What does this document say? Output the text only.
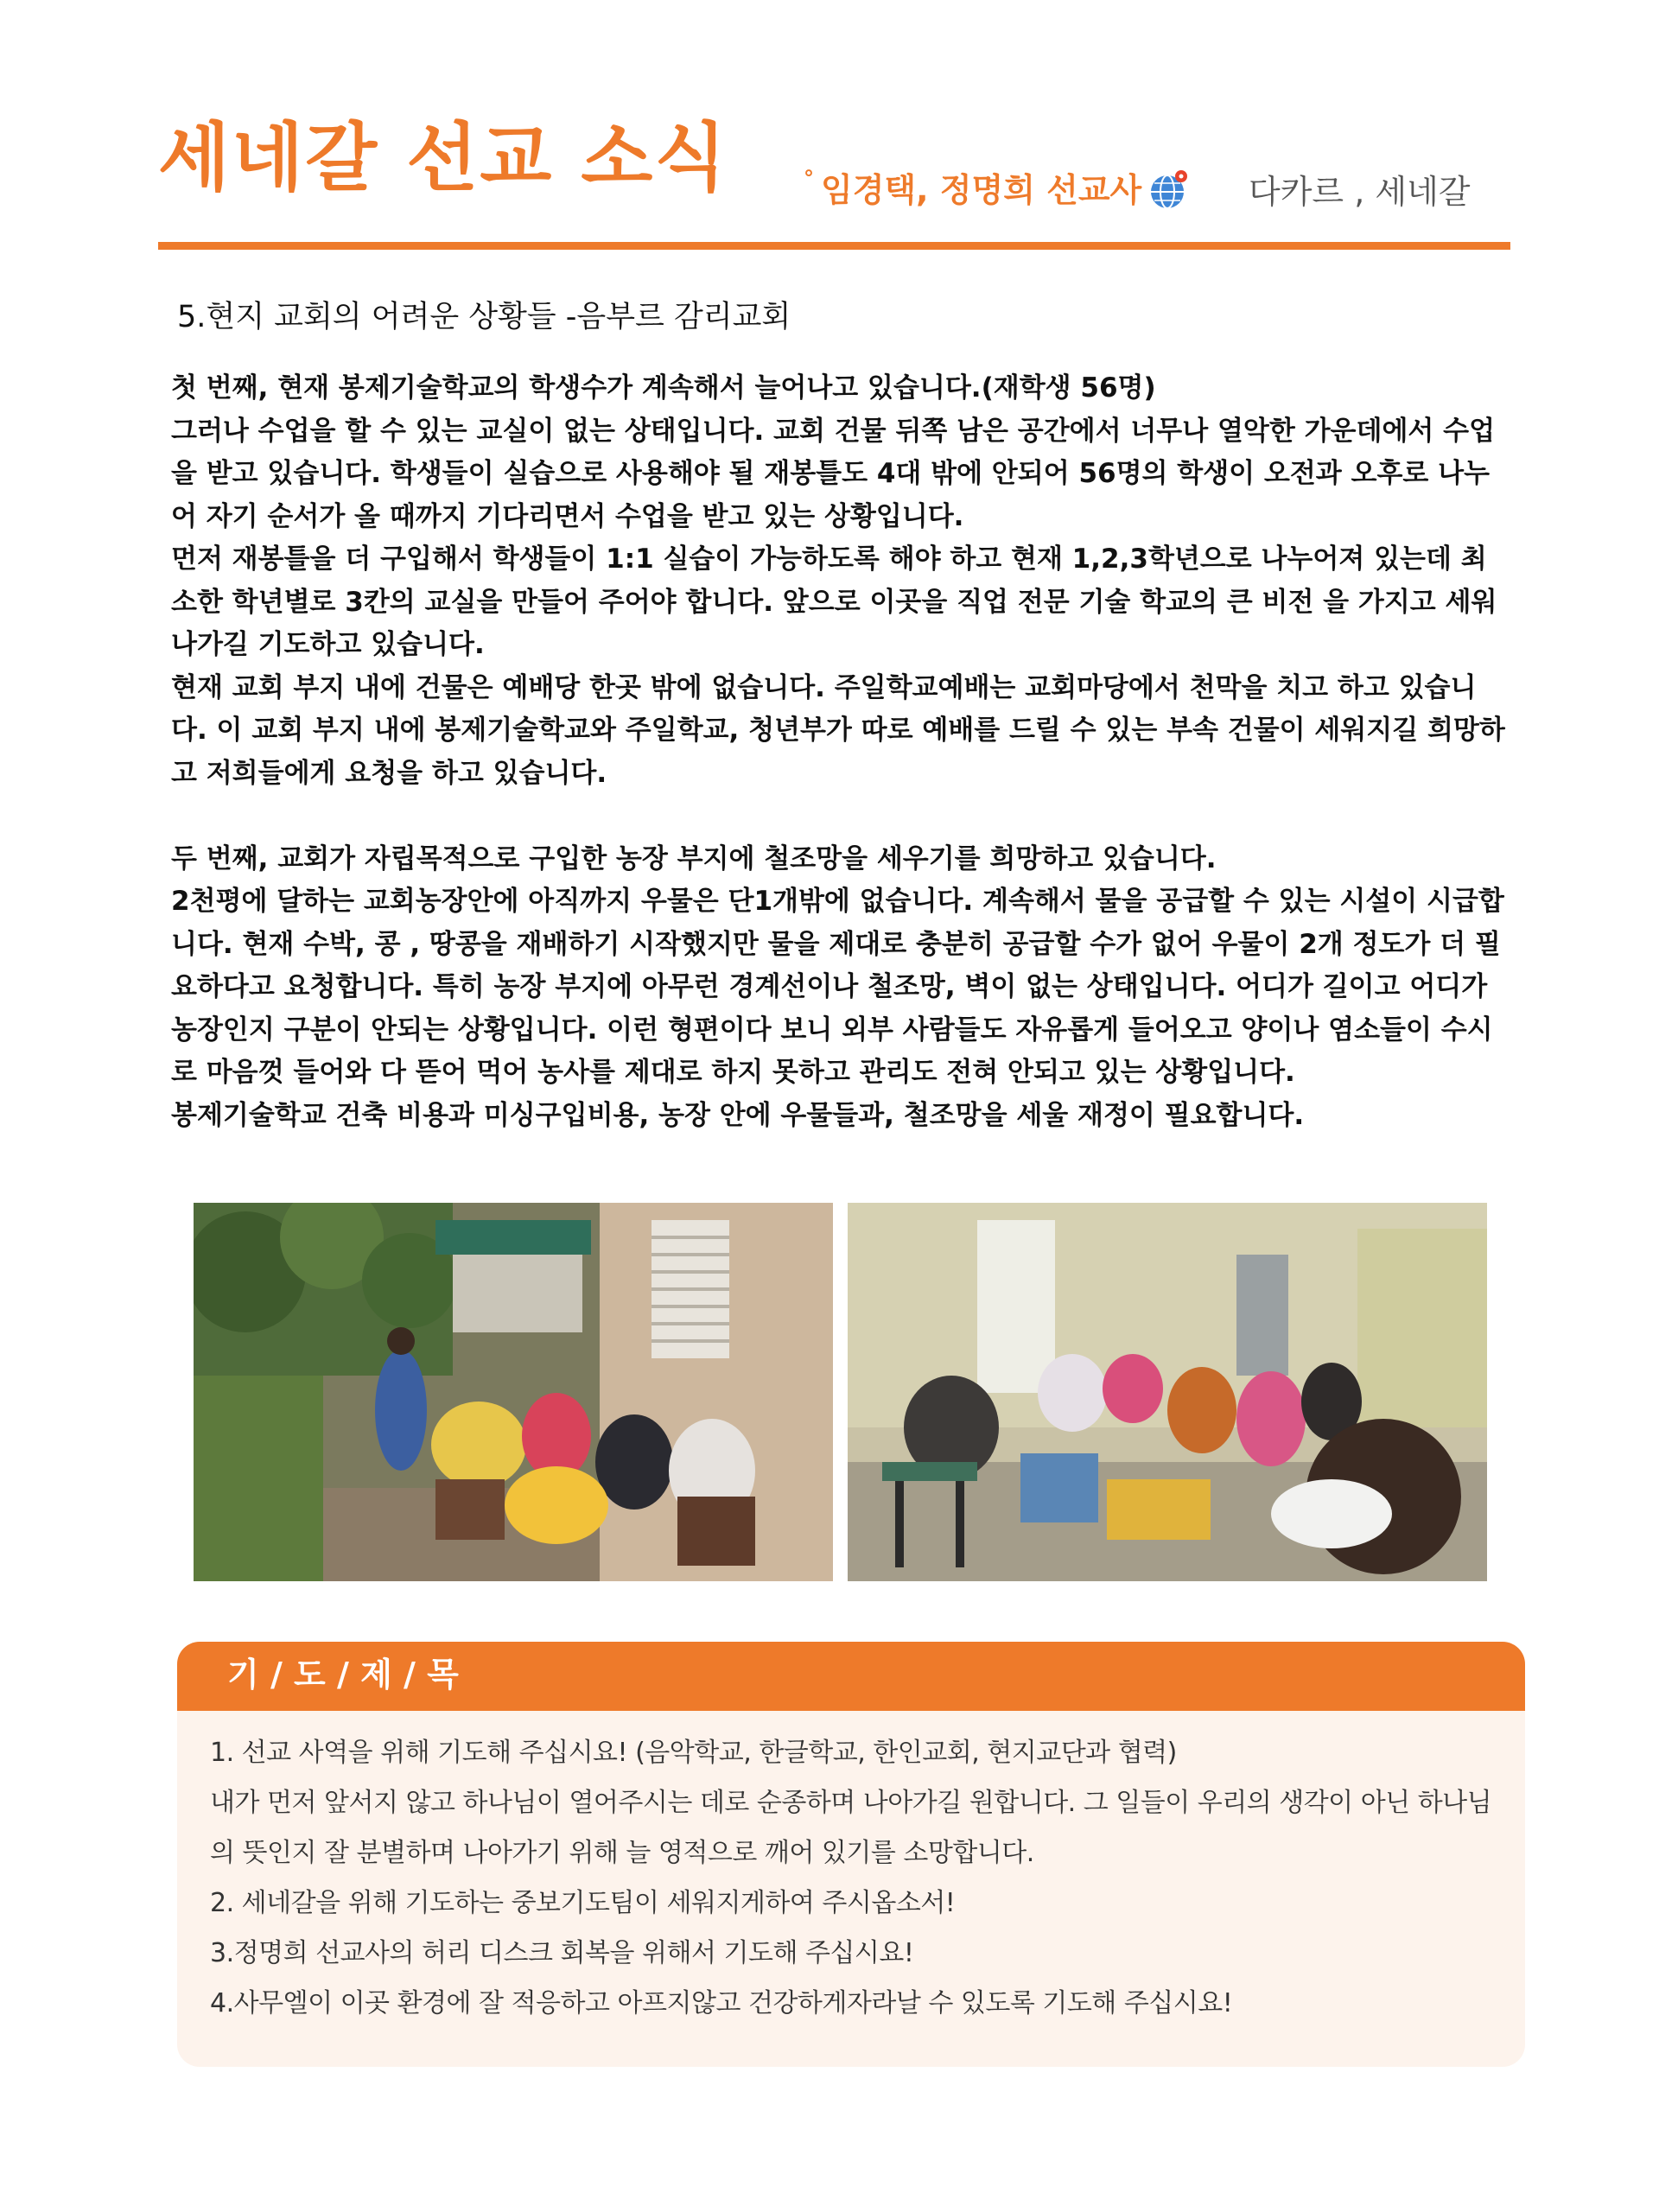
세네갈 선교 소식	° 임경택, 정명희 선교사	다카르 , 세네갈
5.현지 교회의 어려운 상황들 -음부르 감리교회

첫 번째, 현재 봉제기술학교의 학생수가 계속해서 늘어나고 있습니다.(재학생 56명)

그러나 수업을 할 수 있는 교실이 없는 상태입니다. 교회 건물 뒤쪽 남은 공간에서 너무나 열악한 가운데에서 수업을 받고 있습니다. 학생들이 실습으로 사용해야 될 재봉틀도 4대 밖에 안되어 56명의 학생이 오전과 오후로 나누어 자기 순서가 올 때까지 기다리면서 수업을 받고 있는 상황입니다.

먼저 재봉틀을 더 구입해서 학생들이 1:1 실습이 가능하도록 해야 하고 현재 1,2,3학년으로 나누어져 있는데 최소한 학년별로 3칸의 교실을 만들어 주어야 합니다. 앞으로 이곳을 직업 전문 기술 학교의 큰 비전 을 가지고 세워 나가길 기도하고 있습니다.

현재 교회 부지 내에 건물은 예배당 한곳 밖에 없습니다. 주일학교예배는 교회마당에서 천막을 치고 하고 있습니다. 이 교회 부지 내에 봉제기술학교와 주일학교, 청년부가 따로 예배를 드릴 수 있는 부속 건물이 세워지길 희망하고 저희들에게 요청을 하고 있습니다.

두 번째, 교회가 자립목적으로 구입한 농장 부지에 철조망을 세우기를 희망하고 있습니다.

2천평에 달하는 교회농장안에 아직까지 우물은 단1개밖에 없습니다. 계속해서 물을 공급할 수 있는 시설이 시급합니다. 현재 수박, 콩 , 땅콩을 재배하기 시작했지만 물을 제대로 충분히 공급할 수가 없어 우물이 2개 정도가 더 필요하다고 요청합니다. 특히 농장 부지에 아무런 경계선이나 철조망, 벽이 없는 상태입니다. 어디가 길이고 어디가 농장인지 구분이 안되는 상황입니다. 이런 형편이다 보니 외부 사람들도 자유롭게 들어오고 양이나 염소들이 수시로 마음껏 들어와 다 뜯어 먹어 농사를 제대로 하지 못하고 관리도 전혀 안되고 있는 상황입니다.

봉제기술학교 건축 비용과 미싱구입비용, 농장 안에 우물들과, 철조망을 세울 재정이 필요합니다.

기 / 도 / 제 / 목

1. 선교 사역을 위해 기도해 주십시요! (음악학교, 한글학교, 한인교회, 현지교단과 협력)

내가 먼저 앞서지 않고 하나님이 열어주시는 데로 순종하며 나아가길 원합니다. 그 일들이 우리의 생각이 아닌 하나님의 뜻인지 잘 분별하며 나아가기 위해 늘 영적으로 깨어 있기를 소망합니다.

2. 세네갈을 위해 기도하는 중보기도팀이 세워지게하여 주시옵소서!

3.정명희 선교사의 허리 디스크 회복을 위해서 기도해 주십시요!

4.사무엘이 이곳 환경에 잘 적응하고 아프지않고 건강하게자라날 수 있도록 기도해 주십시요!
